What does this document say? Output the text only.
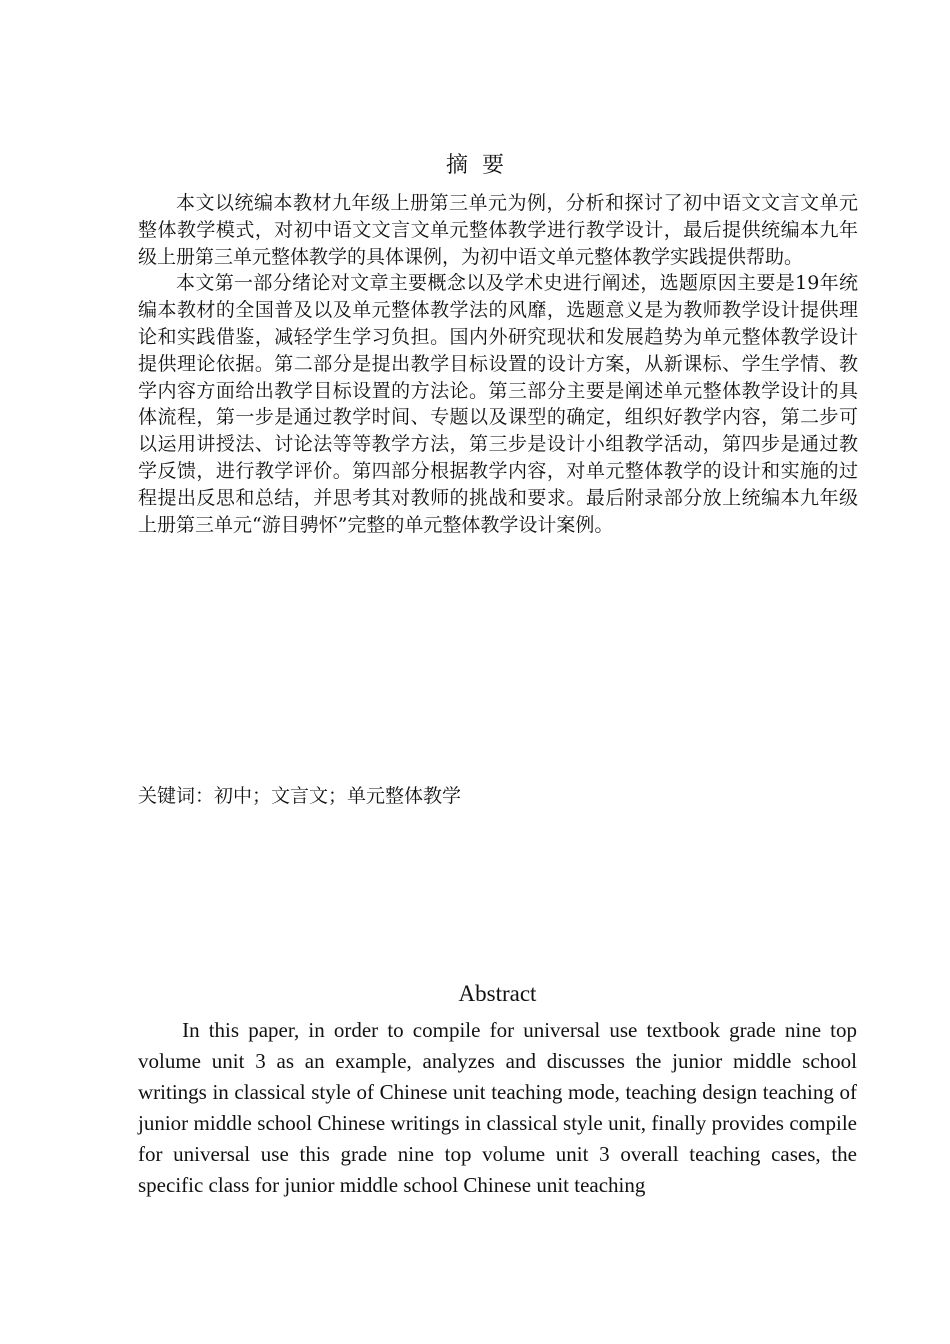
摘要

本文以统编本教材九年级上册第三单元为例，分析和探讨了初中语文文言文单元整体教学模式，对初中语文文言文单元整体教学进行教学设计，最后提供统编本九年级上册第三单元整体教学的具体课例，为初中语文单元整体教学实践提供帮助。

本文第一部分绪论对文章主要概念以及学术史进行阐述，选题原因主要是19年统编本教材的全国普及以及单元整体教学法的风靡，选题意义是为教师教学设计提供理论和实践借鉴，减轻学生学习负担。国内外研究现状和发展趋势为单元整体教学设计提供理论依据。第二部分是提出教学目标设置的设计方案，从新课标、学生学情、教学内容方面给出教学目标设置的方法论。第三部分主要是阐述单元整体教学设计的具体流程，第一步是通过教学时间、专题以及课型的确定，组织好教学内容，第二步可以运用讲授法、讨论法等等教学方法，第三步是设计小组教学活动，第四步是通过教学反馈，进行教学评价。第四部分根据教学内容，对单元整体教学的设计和实施的过程提出反思和总结，并思考其对教师的挑战和要求。最后附录部分放上统编本九年级上册第三单元“游目骋怀”完整的单元整体教学设计案例。

关键词：初中；文言文；单元整体教学
Abstract

In this paper, in order to compile for universal use textbook grade nine top volume unit 3 as an example, analyzes and discusses the junior middle school writings in classical style of Chinese unit teaching mode, teaching design teaching of junior middle school Chinese writings in classical style unit, finally provides compile for universal use this grade nine top volume unit 3 overall teaching cases, the specific class for junior middle school Chinese unit teaching
